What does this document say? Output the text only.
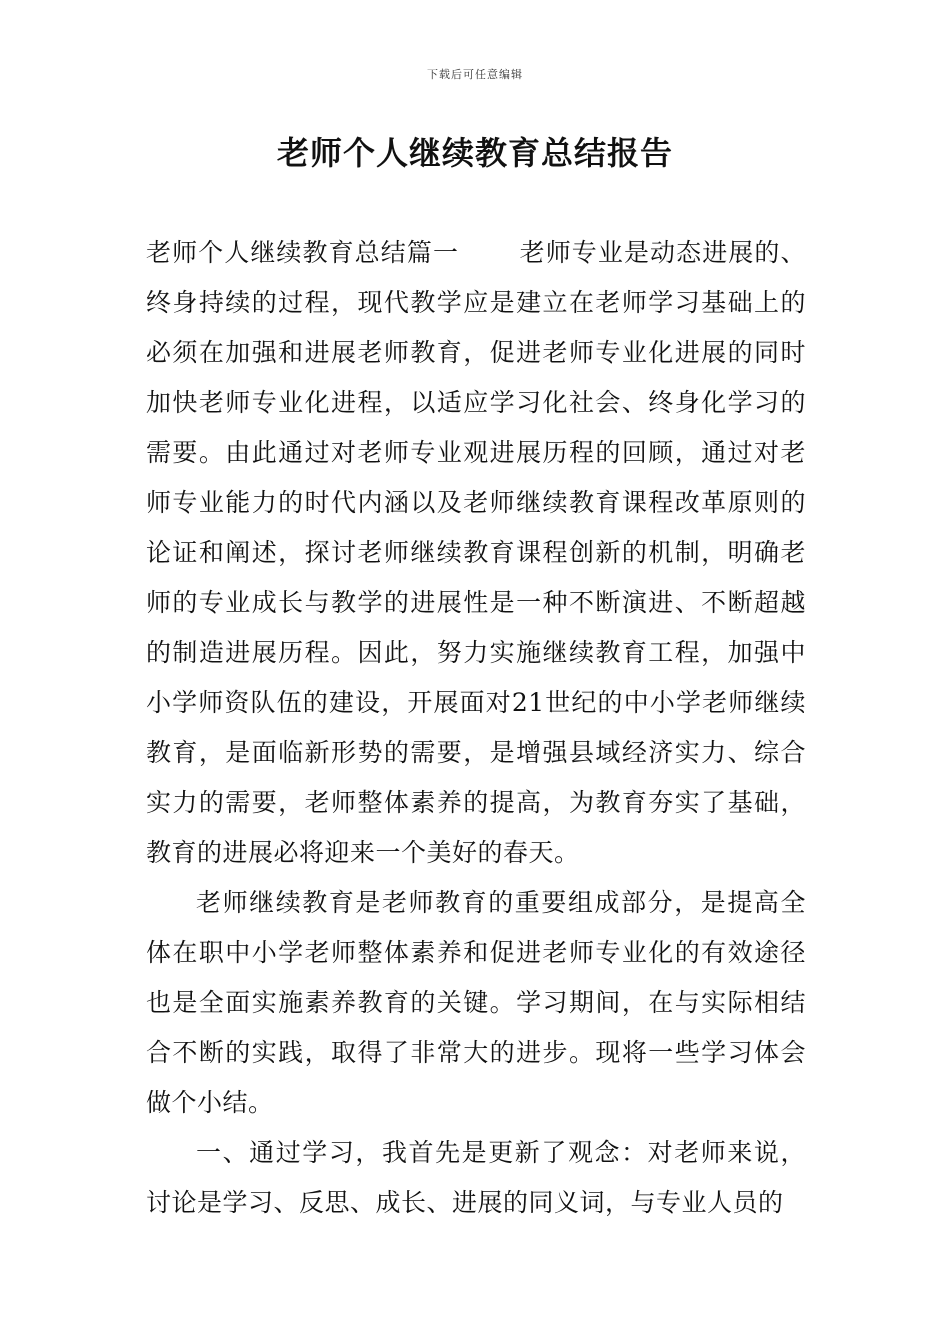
下载后可任意编辑
老师个人继续教育总结报告

老师个人继续教育总结篇一 老师专业是动态进展的、终身持续的过程，现代教学应是建立在老师学习基础上的必须在加强和进展老师教育，促进老师专业化进展的同时加快老师专业化进程，以适应学习化社会、终身化学习的需要。由此通过对老师专业观进展历程的回顾，通过对老师专业能力的时代内涵以及老师继续教育课程改革原则的论证和阐述，探讨老师继续教育课程创新的机制，明确老师的专业成长与教学的进展性是一种不断演进、不断超越的制造进展历程。因此，努力实施继续教育工程，加强中小学师资队伍的建设，开展面对21世纪的中小学老师继续教育，是面临新形势的需要，是增强县域经济实力、综合实力的需要，老师整体素养的提高，为教育夯实了基础，教育的进展必将迎来一个美好的春天。

老师继续教育是老师教育的重要组成部分，是提高全体在职中小学老师整体素养和促进老师专业化的有效途径也是全面实施素养教育的关键。学习期间，在与实际相结合不断的实践，取得了非常大的进步。现将一些学习体会做个小结。

一、通过学习，我首先是更新了观念：对老师来说，讨论是学习、反思、成长、进展的同义词，与专业人员的
